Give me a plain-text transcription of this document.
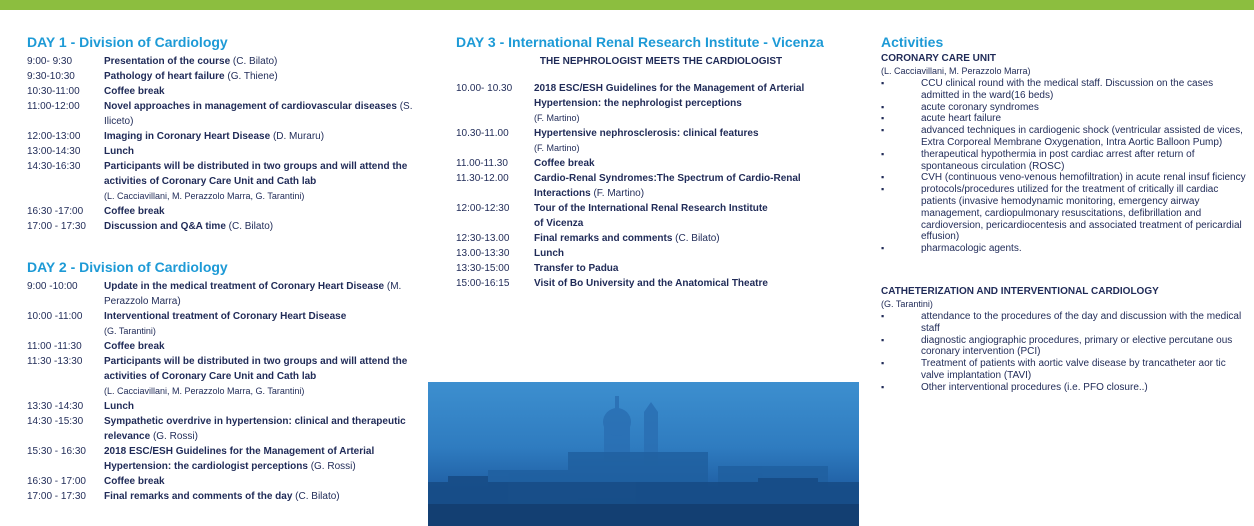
DAY 1 - Division of Cardiology
9:00- 9:30	Presentation of the course (C. Bilato)
9:30-10:30	Pathology of heart failure (G. Thiene)
10:30-11:00	Coffee break
11:00-12:00	Novel approaches in management of cardiovascular diseases (S. Iliceto)
12:00-13:00	Imaging in Coronary Heart Disease (D. Muraru)
13:00-14:30	Lunch
14:30-16:30	Participants will be distributed in two groups and will attend the activities of Coronary Care Unit and Cath lab
(L. Cacciavillani, M. Perazzolo Marra, G. Tarantini)
16:30 -17:00	Coffee break
17:00 - 17:30	Discussion and Q&A time (C. Bilato)
DAY 2 - Division of Cardiology
9:00 -10:00	Update in the medical treatment of Coronary Heart Disease (M. Perazzolo Marra)
10:00 -11:00	Interventional treatment of Coronary Heart Disease
(G. Tarantini)
11:00 -11:30	Coffee break
11:30 -13:30	Participants will be distributed in two groups and will attend the activities of Coronary Care Unit and Cath lab
(L. Cacciavillani, M. Perazzolo Marra, G. Tarantini)
13:30 -14:30	Lunch
14:30 -15:30	Sympathetic overdrive in hypertension: clinical and therapeutic relevance (G. Rossi)
15:30 - 16:30	2018 ESC/ESH Guidelines for the Management of Arterial Hypertension: the cardiologist perceptions (G. Rossi)
16:30 - 17:00	Coffee break
17:00 - 17:30	Final remarks and comments of the day (C. Bilato)
DAY 3 - International Renal Research Institute - Vicenza
THE NEPHROLOGIST MEETS THE CARDIOLOGIST
10.00- 10.30	2018 ESC/ESH Guidelines for the Management of Arterial Hypertension: the nephrologist perceptions
(F. Martino)
10.30-11.00	Hypertensive nephrosclerosis: clinical features
(F. Martino)
11.00-11.30	Coffee break
11.30-12.00	Cardio-Renal Syndromes:The Spectrum of Cardio-Renal Interactions (F. Martino)
12:00-12:30	Tour of the International Renal Research Institute of Vicenza
12:30-13.00	Final remarks and comments (C. Bilato)
13.00-13:30	Lunch
13:30-15:00	Transfer to Padua
15:00-16:15	Visit of Bo University and the Anatomical Theatre
Activities
CORONARY CARE UNIT
(L. Cacciavillani, M. Perazzolo Marra)
▪	CCU clinical round with the medical staff. Discussion on the cases admitted in the ward(16 beds)
▪	acute coronary syndromes
▪	acute heart failure
▪	advanced techniques in cardiogenic shock (ventricular assisted de vices, Extra Corporeal Membrane Oxygenation, Intra Aortic Balloon Pump)
▪	therapeutical hypothermia in post cardiac arrest after return of spontaneous circulation (ROSC)
▪	CVH (continuous veno-venous hemofiltration) in acute renal insuf ficiency
▪	protocols/procedures utilized for the treatment of critically ill cardiac patients (invasive hemodynamic monitoring, emergency airway management, cardiopulmonary resuscitations, defibrillation and cardioversion, pericardiocentesis and associated treatment of pericardial effusion)
▪	pharmacologic agents.
CATHETERIZATION AND INTERVENTIONAL CARDIOLOGY
(G. Tarantini)
▪	attendance to the procedures of the day and discussion with the medical staff
▪	diagnostic angiographic procedures, primary or elective percutane ous coronary intervention (PCI)
▪	Treatment of patients with aortic valve disease by trancatheter aor tic valve implantation (TAVI)
▪	Other interventional procedures (i.e. PFO closure..)
